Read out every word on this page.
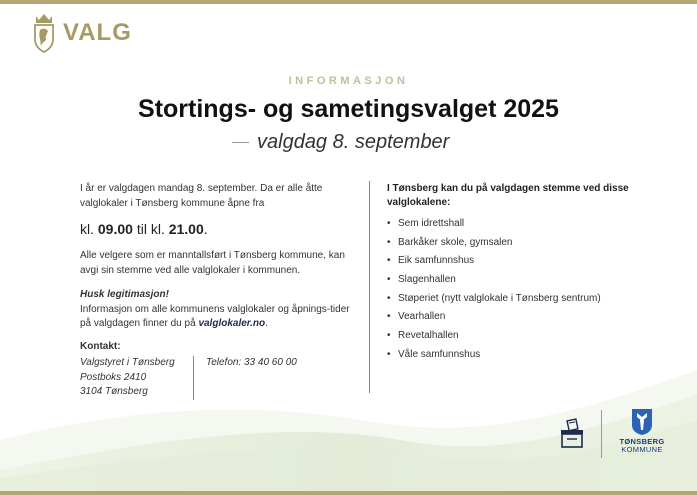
VALG
INFORMASJON
Stortings- og sametingsvalget 2025
valgdag 8. september

I år er valgdagen mandag 8. september. Da er alle åtte valglokaler i Tønsberg kommune åpne fra

kl. 09.00 til kl. 21.00.

Alle velgere som er manntallsført i Tønsberg kommune, kan avgi sin stemme ved alle valglokaler i kommunen.

Husk legitimasjon!

Informasjon om alle kommunens valglokaler og åpnings-tider på valgdagen finner du på valglokaler.no.

Kontakt:
Valgstyret i Tønsberg
Postboks 2410
3104 Tønsberg
Telefon: 33 40 60 00
I Tønsberg kan du på valgdagen stemme ved disse valglokalene:
• Sem idrettshall
• Barkåker skole, gymsalen
• Eik samfunnshus
• Slagenhallen
• Støperiet (nytt valglokale i Tønsberg sentrum)
• Vearhallen
• Revetalhallen
• Våle samfunnshus
TØNSBERG
KOMMUNE
